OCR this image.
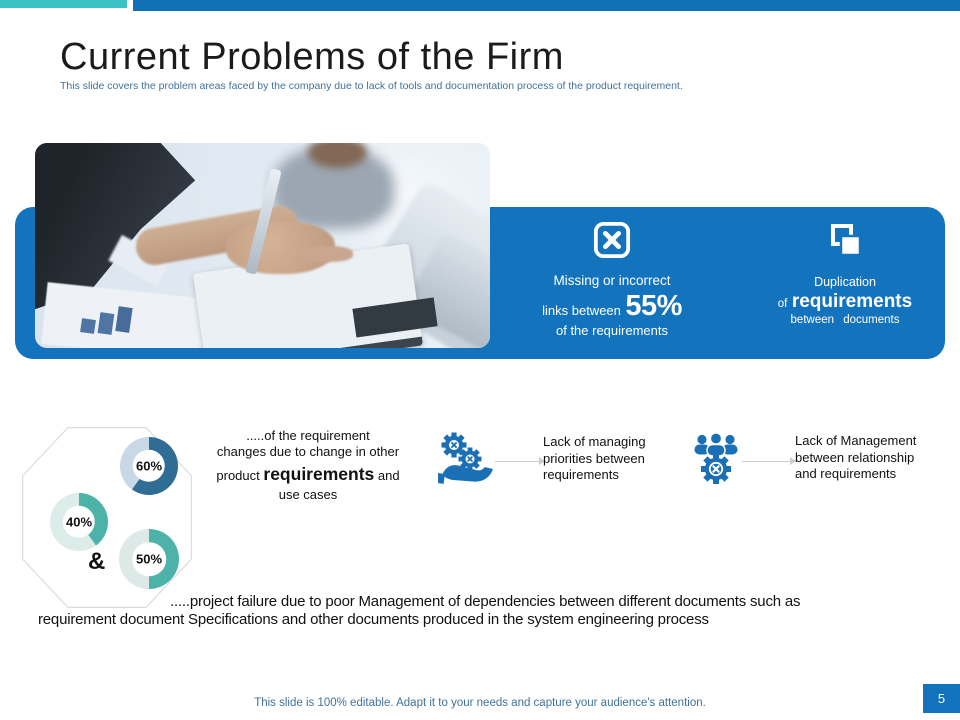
Current Problems of the Firm

This slide covers the problem areas faced by the company due to lack of tools and documentation process of the product requirement.

Missing or incorrect
links between 55%
of the requirements
Duplication
of requirements
between documents
60%
40%
50%
&
.....of the requirement
changes due to change in other
product requirements and
use cases
Lack of managing priorities between requirements
Lack of Management between relationship and requirements

.....project failure due to poor Management of dependencies between different documents such as requirement document Specifications and other documents produced in the system engineering process

This slide is 100% editable. Adapt it to your needs and capture your audience's attention.	5
